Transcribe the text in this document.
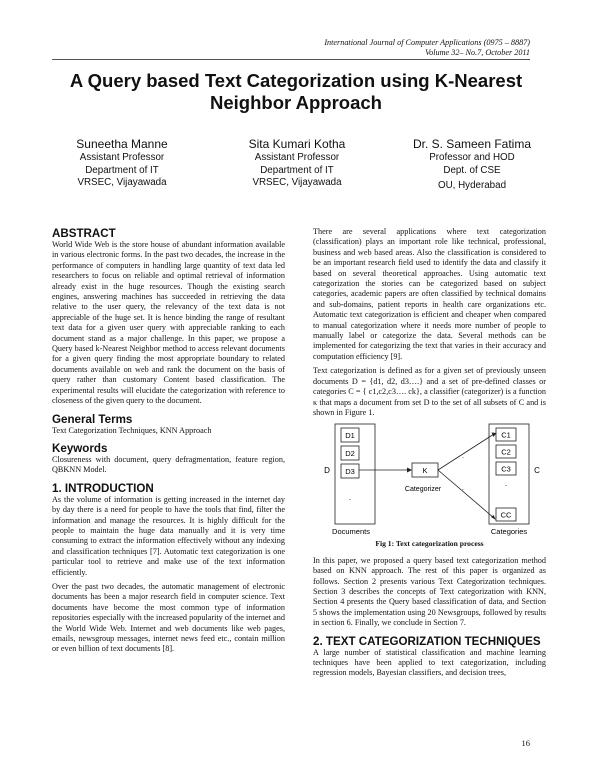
International Journal of Computer Applications (0975 – 8887)
Volume 32– No.7, October 2011
A Query based Text Categorization using K-Nearest Neighbor Approach
Suneetha Manne
Assistant Professor
Department of IT
VRSEC, Vijayawada
Sita Kumari Kotha
Assistant Professor
Department of IT
VRSEC, Vijayawada
Dr. S. Sameen Fatima
Professor and HOD
Dept. of CSE
OU, Hyderabad
ABSTRACT

World Wide Web is the store house of abundant information available in various electronic forms. In the past two decades, the increase in the performance of computers in handling large quantity of text data led researchers to focus on reliable and optimal retrieval of information already exist in the huge resources. Though the existing search engines, answering machines has succeeded in retrieving the data relative to the user query, the relevancy of the text data is not appreciable of the huge set. It is hence binding the range of resultant text data for a given user query with appreciable ranking to each document stand as a major challenge. In this paper, we propose a Query based k-Nearest Neighbor method to access relevant documents for a given query finding the most appropriate boundary to related documents available on web and rank the document on the basis of query rather than customary Content based classification. The experimental results will elucidate the categorization with reference to closeness of the given query to the document.

General Terms

Text Categorization Techniques, KNN Approach

Keywords

Closureness with document, query defragmentation, feature region, QBKNN Model.

1. INTRODUCTION

As the volume of information is getting increased in the internet day by day there is a need for people to have the tools that find, filter the information and manage the resources. It is highly difficult for the people to maintain the huge data manually and it is very time consuming to extract the information effectively without any indexing and classification techniques [7]. Automatic text categorization is one particular tool to retrieve and make use of the text information efficiently.

Over the past two decades, the automatic management of electronic documents has been a major research field in computer science. Text documents have become the most common type of information repositories especially with the increased popularity of the internet and the World Wide Web. Internet and web documents like web pages, emails, newsgroup messages, internet news feed etc., contain million or even billion of text documents [8].

There are several applications where text categorization (classification) plays an important role like technical, professional, business and web based areas. Also the classification is considered to be an important research field used to identify the data and classify it based on several theoretical approaches. Using automatic text categorization the stories can be categorized based on subject categories, academic papers are often classified by technical domains and sub-domains, patient reports in health care organizations etc. Automatic text categorization is efficient and cheaper when compared to manual categorization where it needs more number of people to manually label or categorize the data. Several methods can be implemented for categorizing the text that varies in their accuracy and computation efficiency [9].

Text categorization is defined as for a given set of previously unseen documents D = {d1, d2, d3….} and a set of pre-defined classes or categories C = { c1,c2,c3…. ck}, a classifier (categorizer) is a function κ that maps a document from set D to the set of all subsets of C and is shown in Figure 1.

D1
D2
D3
.
D
Documents
K
Categorizer
.
.
C1
C2
C3
.
CC
C
Categories
Fig 1: Text categorization process

In this paper, we proposed a query based text categorization method based on KNN approach. The rest of this paper is organized as follows. Section 2 presents various Text Categorization techniques. Section 3 describes the concepts of Text categorization with KNN, Section 4 presents the Query based classification of data, and Section 5 shows the implementation using 20 Newsgroups, followed by results in section 6. Finally, we conclude in Section 7.

2. TEXT CATEGORIZATION TECHNIQUES

A large number of statistical classification and machine learning techniques have been applied to text categorization, including regression models, Bayesian classifiers, and decision trees,

16
